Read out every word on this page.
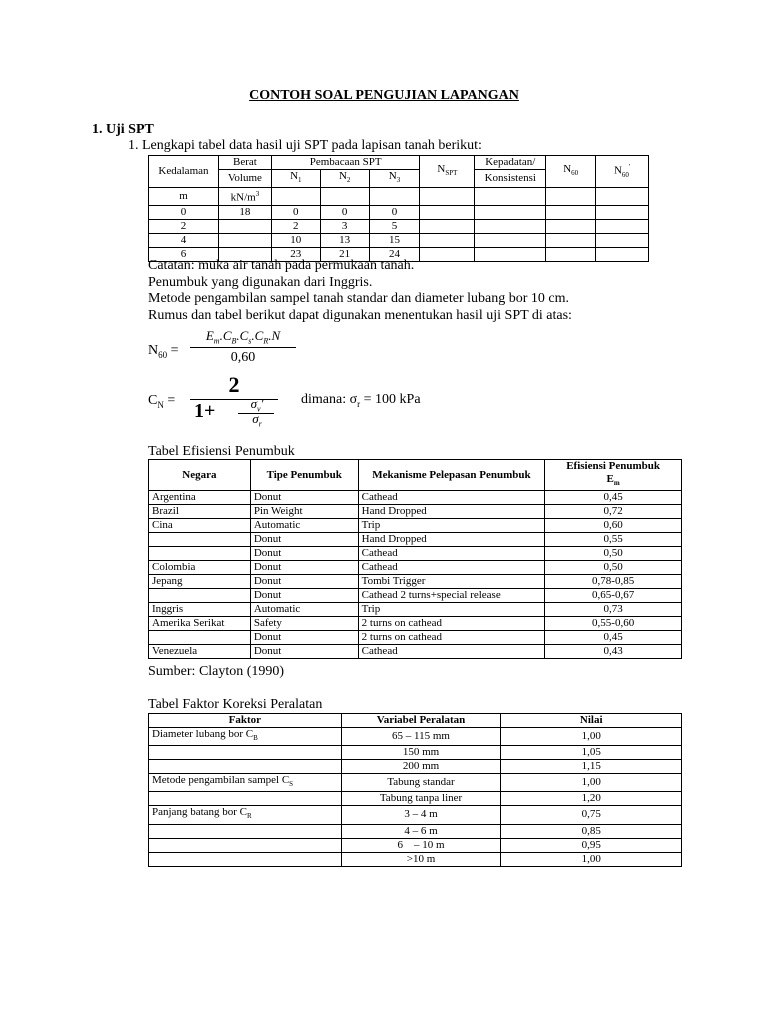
CONTOH SOAL PENGUJIAN LAPANGAN
1. Uji SPT
1. Lengkapi tabel data hasil uji SPT pada lapisan tanah berikut:
Kedalaman	Berat	Pembacaan SPT			$N_{SPT}$	Kepadatan/	$N_{60}$	$N_{60}'$
	Volume	$N_1$	$N_2$	$N_3$		Konsistensi		
m	$kN/m^3$							
0	18	0	0	0				
2		2	3	5				
4		10	13	15				
6		23	21	24				
Catatan: muka air tanah pada permukaan tanah.
Penumbuk yang digunakan dari Inggris.
Metode pengambilan sampel tanah standar dan diameter lubang bor 10 cm.
Rumus dan tabel berikut dapat digunakan menentukan hasil uji SPT di atas:
$N_{60}$ =
$E_m.C_B.C_s.C_R.N$
0,60
$C_N$ =
2
1+	$\sigma_v'$
$\sigma_r$
dimana: $\sigma_r = 100$ kPa
Tabel Efisiensi Penumbuk
Negara	Tipe Penumbuk	Mekanisme Pelepasan Penumbuk	Efisiensi Penumbuk
$E_m$

Argentina	Donut	Cathead	0,45
Brazil	Pin Weight	Hand Dropped	0,72
Cina	Automatic	Trip	0,60
	Donut	Hand Dropped	0,55
	Donut	Cathead	0,50
Colombia	Donut	Cathead	0,50
Jepang	Donut	Tombi Trigger	0,78-0,85
	Donut	Cathead 2 turns+special release	0,65-0,67
Inggris	Automatic	Trip	0,73
Amerika Serikat	Safety	2 turns on cathead	0,55-0,60
	Donut	2 turns on cathead	0,45
Venezuela	Donut	Cathead	0,43
Sumber: Clayton (1990)
Tabel Faktor Koreksi Peralatan
Faktor	Variabel Peralatan	Nilai
Diameter lubang bor $C_B$	65 – 115 mm	1,00
	150 mm	1,05
	200 mm	1,15
Metode pengambilan sampel $C_S$	Tabung standar	1,00
	Tabung tanpa liner	1,20
Panjang batang bor $C_R$	3 – 4 m	0,75
	4 – 6 m	0,85
	6    – 10 m	0,95
	>10 m	1,00
